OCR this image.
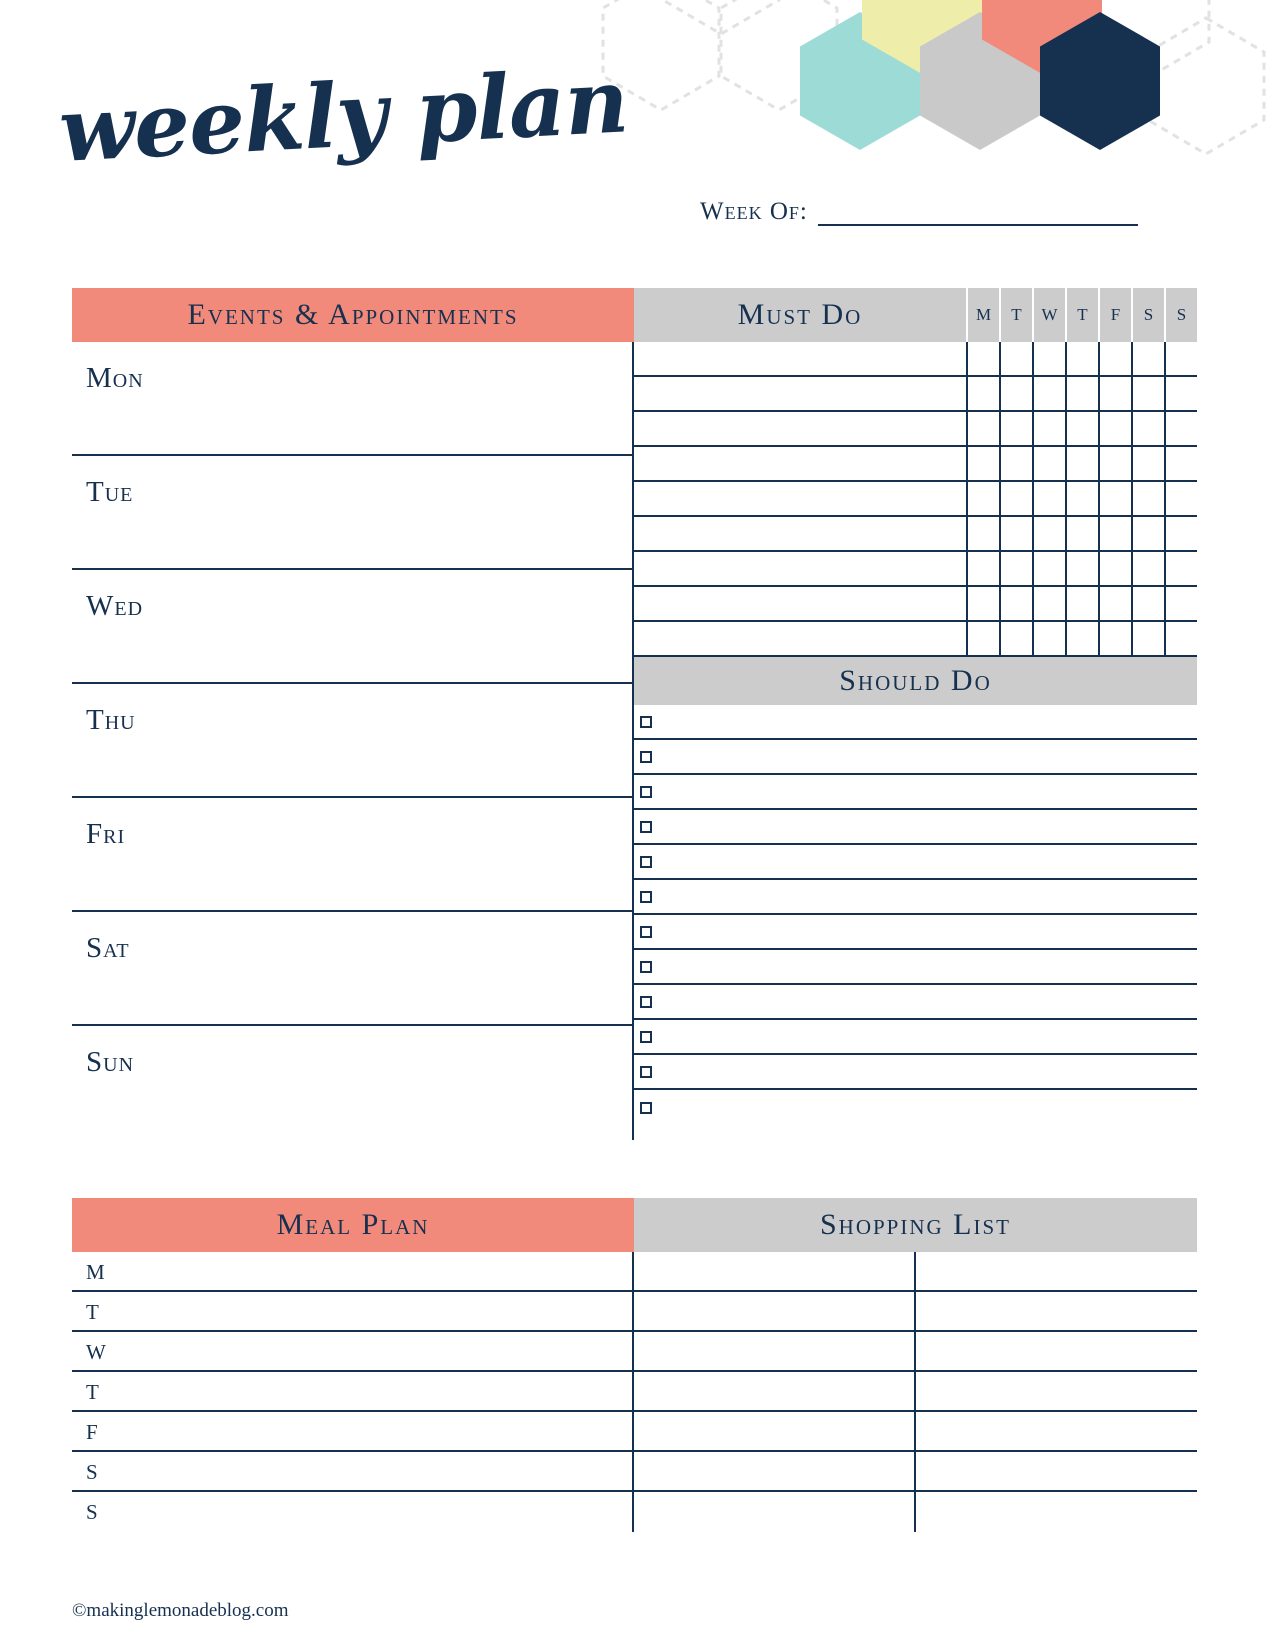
weekly plan
Week Of:
Events & Appointments
Mon
Tue
Wed
Thu
Fri
Sat
Sun
Must Do	M	T	W	T	F	S	S
Should Do
Meal Plan	Shopping List
M
T
W
T
F
S
S
©makinglemonadeblog.com
